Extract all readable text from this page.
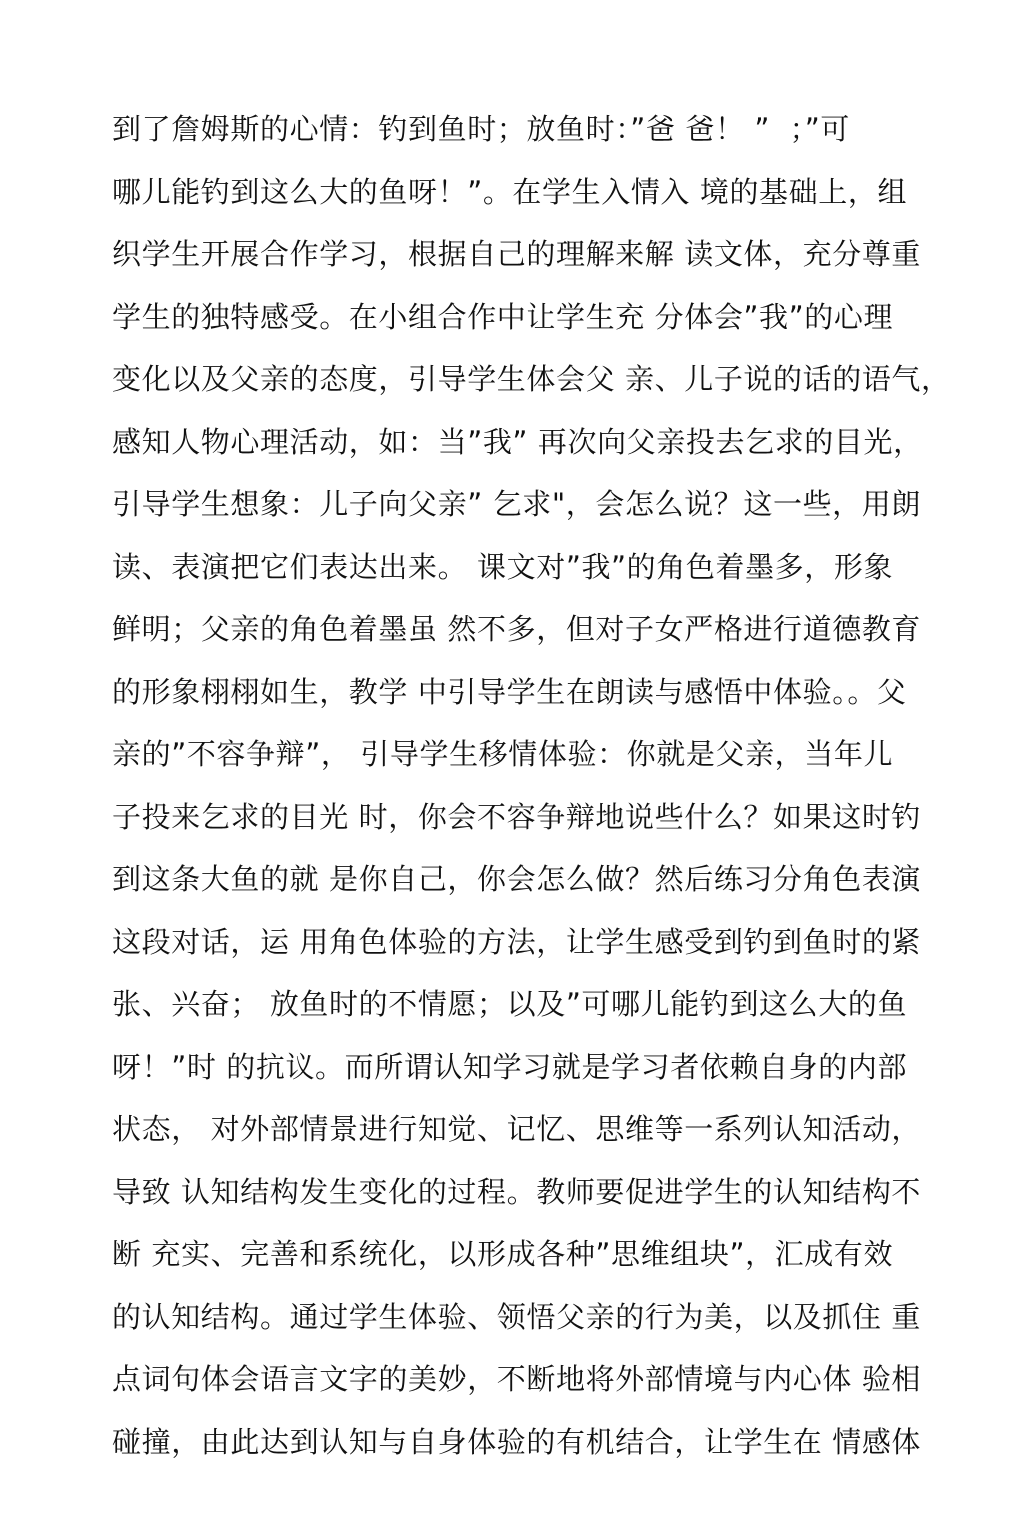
到了詹姆斯的心情：钓到鱼时；放鱼时：”爸 爸！ ”  ；”可
哪儿能钓到这么大的鱼呀！”。在学生入情入 境的基础上，组
织学生开展合作学习，根据自己的理解来解 读文体，充分尊重
学生的独特感受。在小组合作中让学生充 分体会”我”的心理
变化以及父亲的态度，引导学生体会父 亲、儿子说的话的语气，
感知人物心理活动，如：当”我” 再次向父亲投去乞求的目光，
引导学生想象：儿子向父亲” 乞求"，会怎么说？这一些，用朗
读、表演把它们表达出来。 课文对”我”的角色着墨多，形象
鲜明；父亲的角色着墨虽 然不多，但对子女严格进行道德教育
的形象栩栩如生，教学 中引导学生在朗读与感悟中体验。。父
亲的”不容争辩”， 引导学生移情体验：你就是父亲，当年儿
子投来乞求的目光 时，你会不容争辩地说些什么？如果这时钓
到这条大鱼的就 是你自己，你会怎么做？然后练习分角色表演
这段对话，运 用角色体验的方法，让学生感受到钓到鱼时的紧
张、兴奋； 放鱼时的不情愿；以及”可哪儿能钓到这么大的鱼
呀！”时 的抗议。而所谓认知学习就是学习者依赖自身的内部
状态， 对外部情景进行知觉、记忆、思维等一系列认知活动，
导致 认知结构发生变化的过程。教师要促进学生的认知结构不
断 充实、完善和系统化，以形成各种”思维组块”，汇成有效
的认知结构。通过学生体验、领悟父亲的行为美，以及抓住 重
点词句体会语言文字的美妙，不断地将外部情境与内心体 验相
碰撞，由此达到认知与自身体验的有机结合，让学生在 情感体
